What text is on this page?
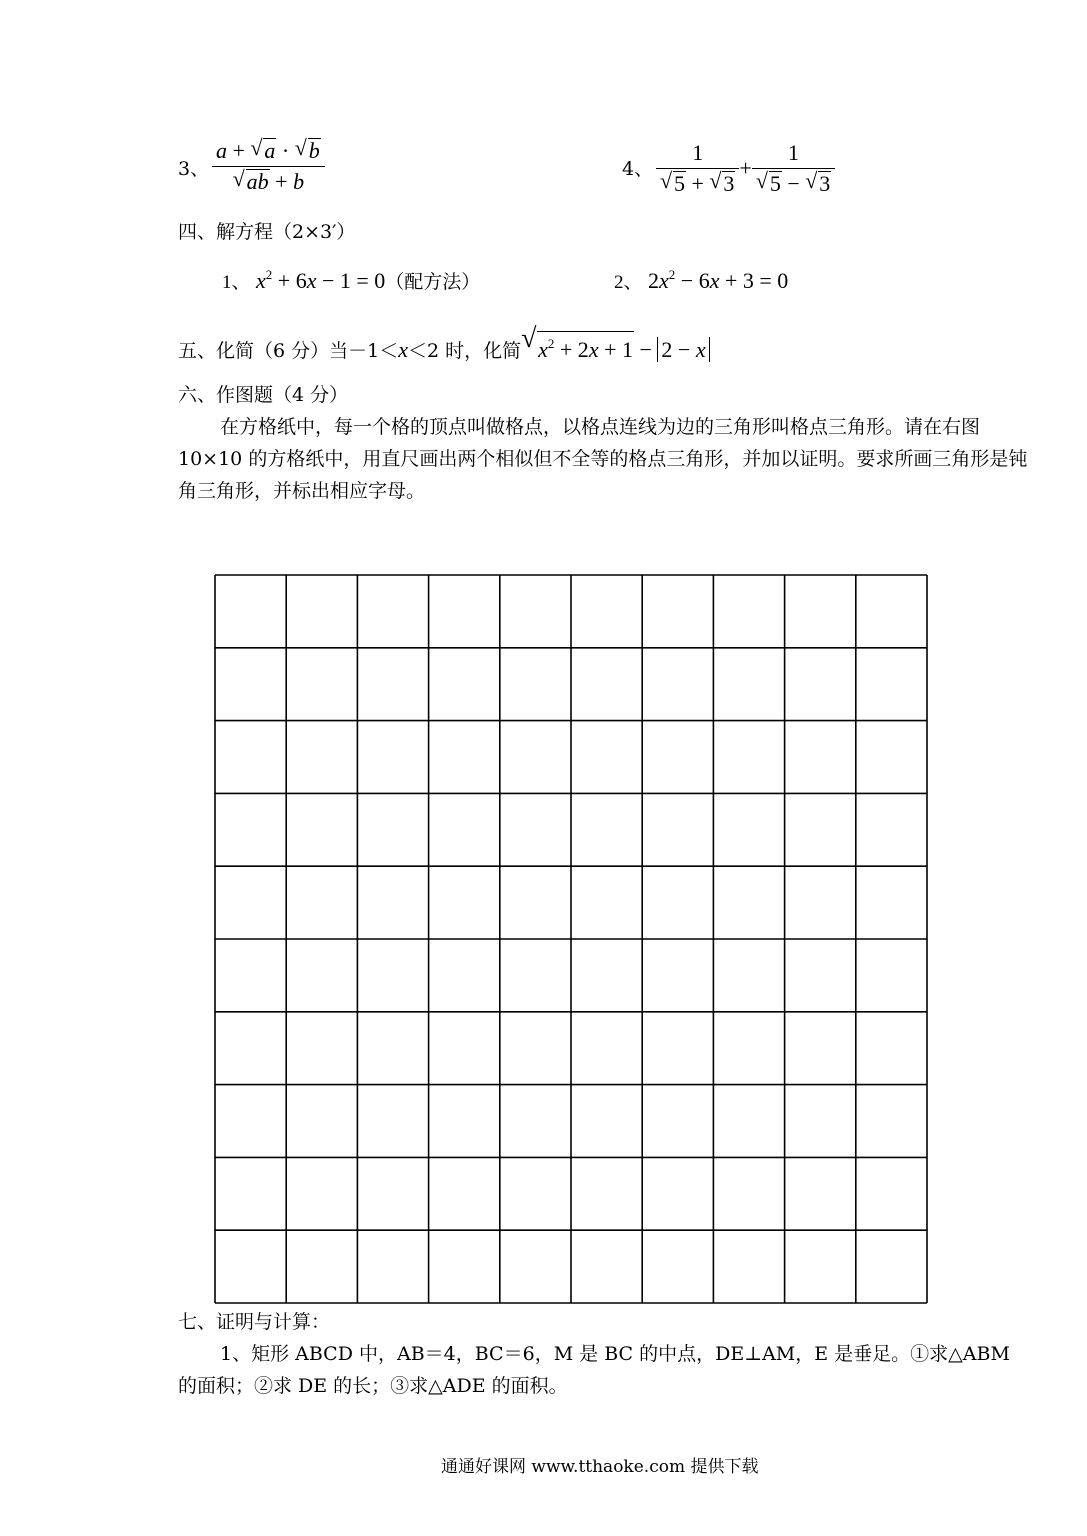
3、 $\frac{a + √ a \cdot √ b}{√ ab + b}$	4、 $\frac{1}{√ 5 + √ 3} + \frac{1}{√ 5 - √ 3}$
四、解方程（2×3′）
1、 $x^2 + 6x - 1 = 0$（配方法）	2、 $2x^2 - 6x + 3 = 0$
五、化简（6 分）当－1＜x＜2 时，化简 √ $x^2 + 2x + 1 - 2 - x$
六、作图题（4 分）
在方格纸中，每一个格的顶点叫做格点，以格点连线为边的三角形叫格点三角形。请在右图 10×10 的方格纸中，用直尺画出两个相似但不全等的格点三角形，并加以证明。要求所画三角形是钝角三角形，并标出相应字母。
七、证明与计算：
1、矩形 ABCD 中，AB＝4，BC＝6，M 是 BC 的中点，DE⊥AM，E 是垂足。①求△ABM 的面积；②求 DE 的长；③求△ADE 的面积。
通通好课网 www.tthaoke.com 提供下载
